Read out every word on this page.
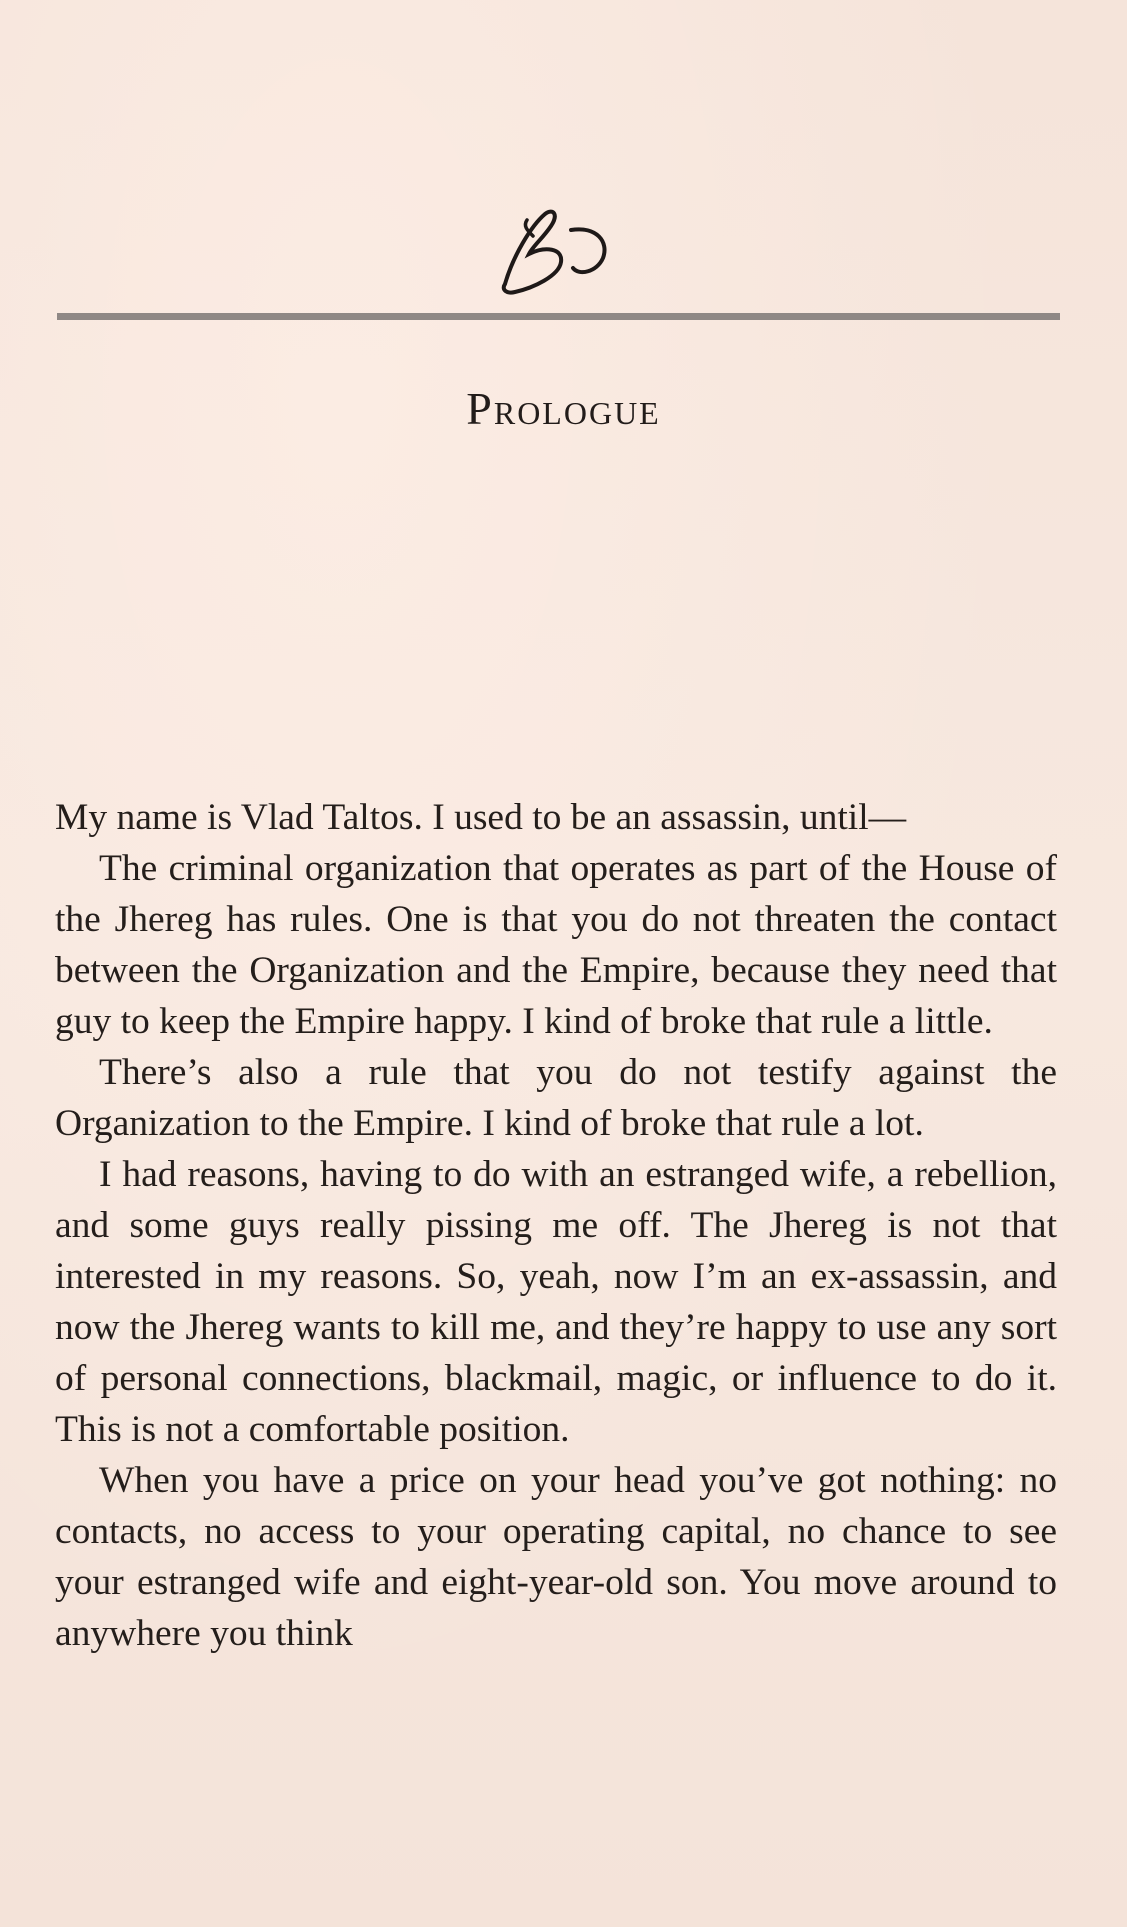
Prologue

My name is Vlad Taltos. I used to be an assassin, until—

The criminal organization that operates as part of the House of the Jhereg has rules. One is that you do not threaten the contact between the Organization and the Empire, because they need that guy to keep the Empire happy. I kind of broke that rule a little.

There’s also a rule that you do not testify against the Organization to the Empire. I kind of broke that rule a lot.

I had reasons, having to do with an estranged wife, a rebellion, and some guys really pissing me off. The Jhereg is not that interested in my reasons. So, yeah, now I’m an ex-assassin, and now the Jhereg wants to kill me, and they’re happy to use any sort of personal connections, blackmail, magic, or influence to do it. This is not a comfortable position.

When you have a price on your head you’ve got nothing: no contacts, no access to your operating capital, no chance to see your estranged wife and eight-year-old son. You move around to anywhere you think
